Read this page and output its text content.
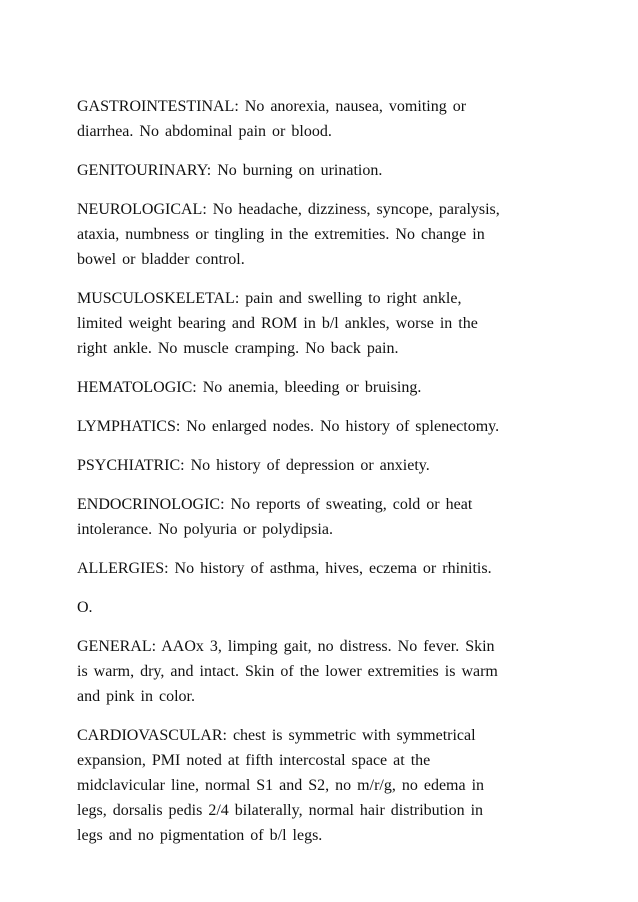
GASTROINTESTINAL: No anorexia, nausea, vomiting or
diarrhea. No abdominal pain or blood.

GENITOURINARY: No burning on urination.

NEUROLOGICAL: No headache, dizziness, syncope, paralysis,
ataxia, numbness or tingling in the extremities. No change in
bowel or bladder control.

MUSCULOSKELETAL: pain and swelling to right ankle,
limited weight bearing and ROM in b/l ankles, worse in the
right ankle. No muscle cramping. No back pain.

HEMATOLOGIC: No anemia, bleeding or bruising.

LYMPHATICS: No enlarged nodes. No history of splenectomy.

PSYCHIATRIC: No history of depression or anxiety.

ENDOCRINOLOGIC: No reports of sweating, cold or heat
intolerance. No polyuria or polydipsia.

ALLERGIES: No history of asthma, hives, eczema or rhinitis.

O.

GENERAL: AAOx 3, limping gait, no distress. No fever. Skin
is warm, dry, and intact. Skin of the lower extremities is warm
and pink in color.

CARDIOVASCULAR: chest is symmetric with symmetrical
expansion, PMI noted at fifth intercostal space at the
midclavicular line, normal S1 and S2, no m/r/g, no edema in
legs, dorsalis pedis 2/4 bilaterally, normal hair distribution in
legs and no pigmentation of b/l legs.
